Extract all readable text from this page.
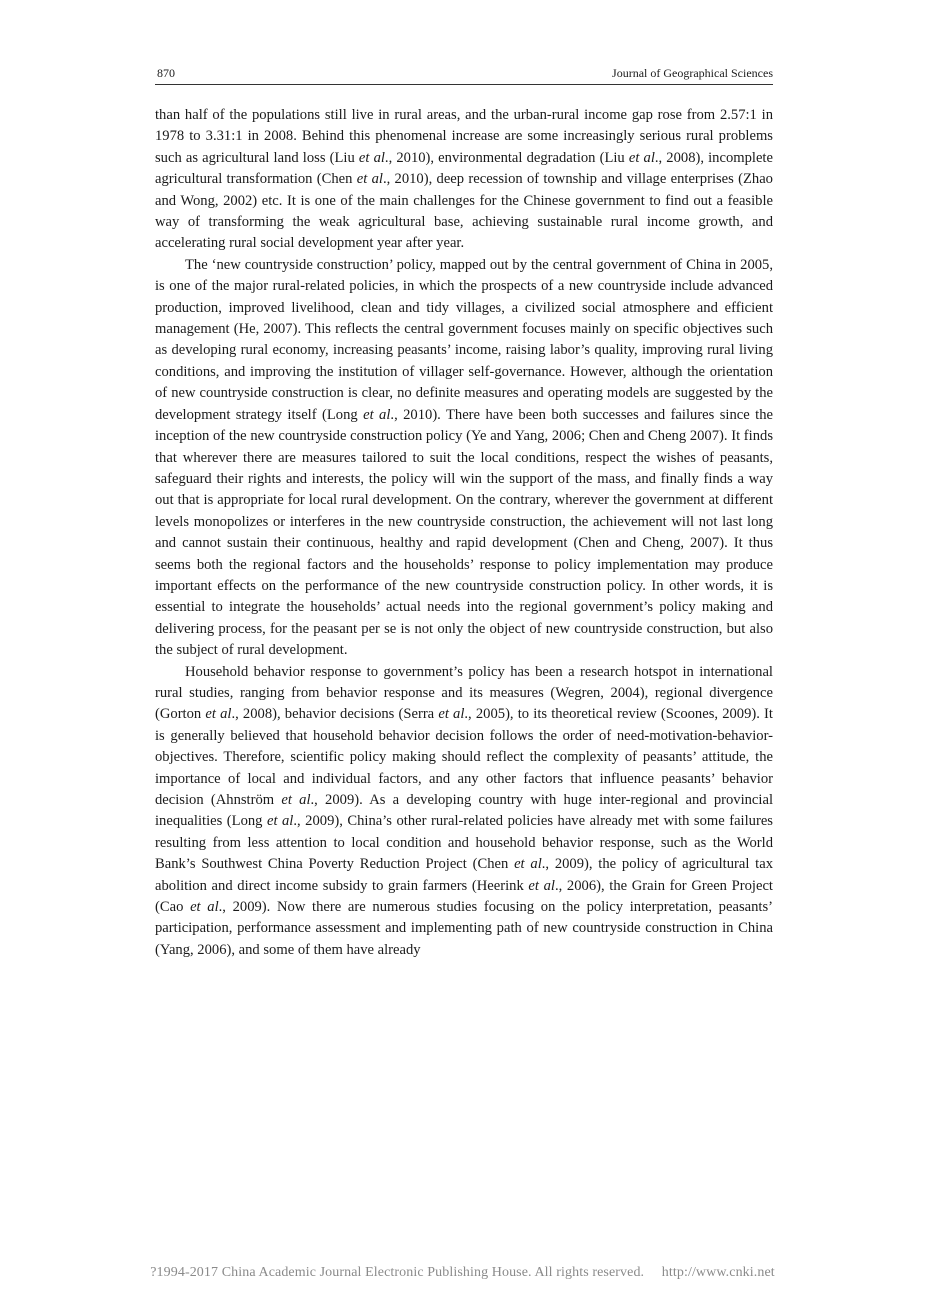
870	Journal of Geographical Sciences

than half of the populations still live in rural areas, and the urban-rural income gap rose from 2.57:1 in 1978 to 3.31:1 in 2008. Behind this phenomenal increase are some increasingly serious rural problems such as agricultural land loss (Liu et al., 2010), environmental degradation (Liu et al., 2008), incomplete agricultural transformation (Chen et al., 2010), deep recession of township and village enterprises (Zhao and Wong, 2002) etc. It is one of the main challenges for the Chinese government to find out a feasible way of transforming the weak agricultural base, achieving sustainable rural income growth, and accelerating rural social development year after year.

The ‘new countryside construction’ policy, mapped out by the central government of China in 2005, is one of the major rural-related policies, in which the prospects of a new countryside include advanced production, improved livelihood, clean and tidy villages, a civilized social atmosphere and efficient management (He, 2007). This reflects the central government focuses mainly on specific objectives such as developing rural economy, increasing peasants’ income, raising labor’s quality, improving rural living conditions, and improving the institution of villager self-governance. However, although the orientation of new countryside construction is clear, no definite measures and operating models are suggested by the development strategy itself (Long et al., 2010). There have been both successes and failures since the inception of the new countryside construction policy (Ye and Yang, 2006; Chen and Cheng 2007). It finds that wherever there are measures tailored to suit the local conditions, respect the wishes of peasants, safeguard their rights and interests, the policy will win the support of the mass, and finally finds a way out that is appropriate for local rural development. On the contrary, wherever the government at different levels monopolizes or interferes in the new countryside construction, the achievement will not last long and cannot sustain their continuous, healthy and rapid development (Chen and Cheng, 2007). It thus seems both the regional factors and the households’ response to policy implementation may produce important effects on the performance of the new countryside construction policy. In other words, it is essential to integrate the households’ actual needs into the regional government’s policy making and delivering process, for the peasant per se is not only the object of new countryside construction, but also the subject of rural development.

Household behavior response to government’s policy has been a research hotspot in international rural studies, ranging from behavior response and its measures (Wegren, 2004), regional divergence (Gorton et al., 2008), behavior decisions (Serra et al., 2005), to its theoretical review (Scoones, 2009). It is generally believed that household behavior decision follows the order of need-motivation-behavior-objectives. Therefore, scientific policy making should reflect the complexity of peasants’ attitude, the importance of local and individual factors, and any other factors that influence peasants’ behavior decision (Ahnström et al., 2009). As a developing country with huge inter-regional and provincial inequalities (Long et al., 2009), China’s other rural-related policies have already met with some failures resulting from less attention to local condition and household behavior response, such as the World Bank’s Southwest China Poverty Reduction Project (Chen et al., 2009), the policy of agricultural tax abolition and direct income subsidy to grain farmers (Heerink et al., 2006), the Grain for Green Project (Cao et al., 2009). Now there are numerous studies focusing on the policy interpretation, peasants’ participation, performance assessment and implementing path of new countryside construction in China (Yang, 2006), and some of them have already

?1994-2017 China Academic Journal Electronic Publishing House. All rights reserved. http://www.cnki.net
